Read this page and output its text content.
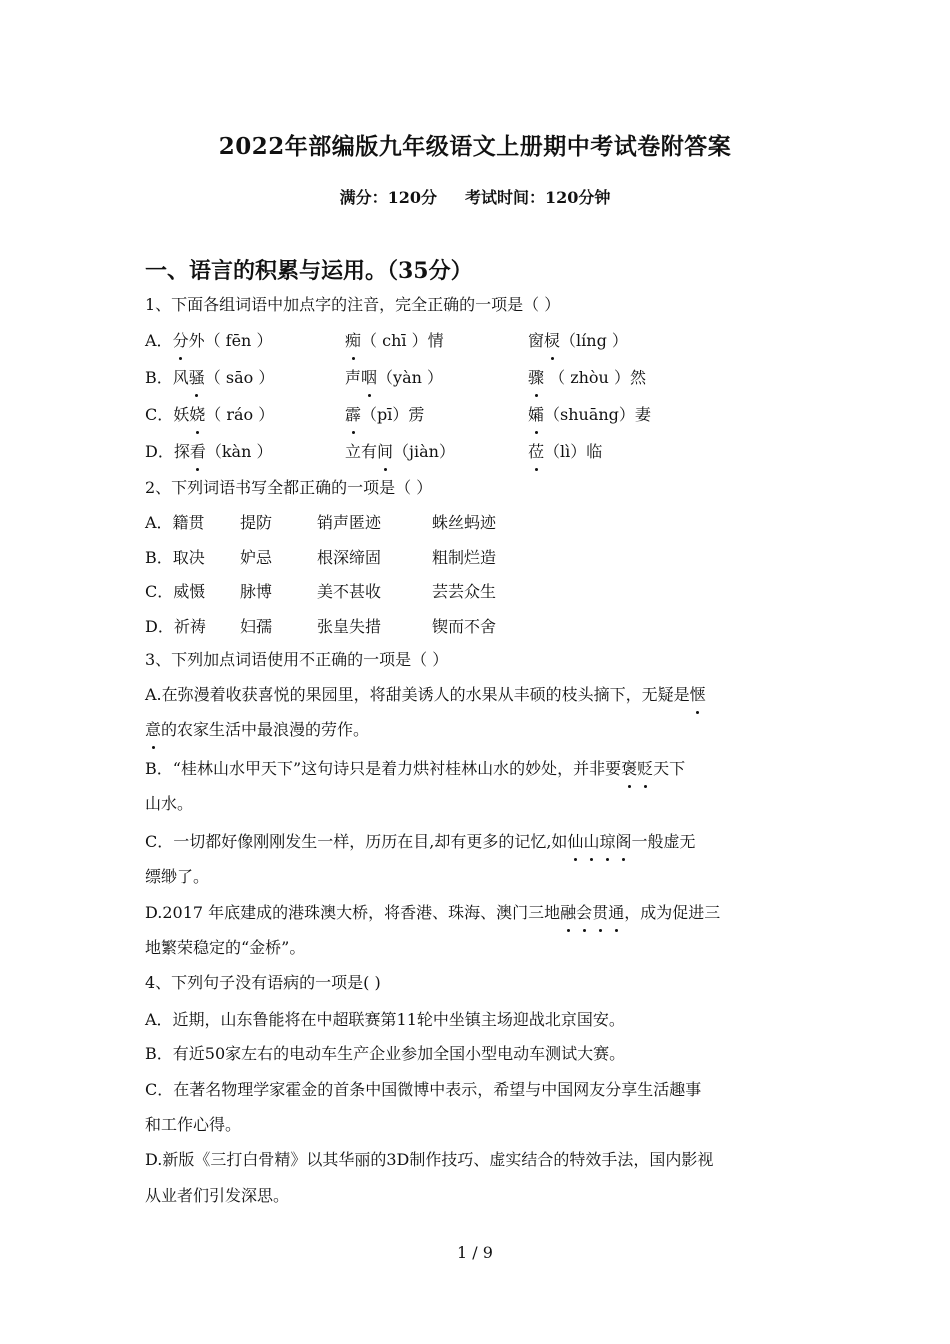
2022年部编版九年级语文上册期中考试卷附答案
满分：120分 考试时间：120分钟
一、语言的积累与运用。（35分）
1、下面各组词语中加点字的注音，完全正确的一项是（ ）
A．分外（ fēn ）	痴（ chī ）情	窗棂（líng ）
B．风骚（ sāo ）	声咽（yàn ）	骤 （ zhòu ）然
C．妖娆（ ráo ）	霹（pī）雳	孀（shuāng）妻
D．探看（kàn ）	立有间（jiàn）	莅（lì）临
2、下列词语书写全都正确的一项是（ ）
A．籍贯 提防	销声匿迹	蛛丝蚂迹
B．取决 妒忌	根深缔固	粗制烂造
C．威慑 脉博	美不甚收	芸芸众生
D．祈祷 妇孺	张皇失措	锲而不舍
3、下列加点词语使用不正确的一项是（ ）
A.在弥漫着收获喜悦的果园里，将甜美诱人的水果从丰硕的枝头摘下，无疑是惬
意的农家生活中最浪漫的劳作。
B．“桂林山水甲天下”这句诗只是着力烘衬桂林山水的妙处，并非要褒贬天下
山水。
C．一切都好像刚刚发生一样，历历在目,却有更多的记忆,如仙山琼阁一般虚无
缥缈了。
D.2017 年底建成的港珠澳大桥，将香港、珠海、澳门三地融会贯通，成为促进三
地繁荣稳定的“金桥”。
4、下列句子没有语病的一项是( )
A．近期，山东鲁能将在中超联赛第11轮中坐镇主场迎战北京国安。
B．有近50家左右的电动车生产企业参加全国小型电动车测试大赛。
C．在著名物理学家霍金的首条中国微博中表示，希望与中国网友分享生活趣事
和工作心得。
D.新版《三打白骨精》以其华丽的3D制作技巧、虚实结合的特效手法，国内影视
从业者们引发深思。
1 / 9
